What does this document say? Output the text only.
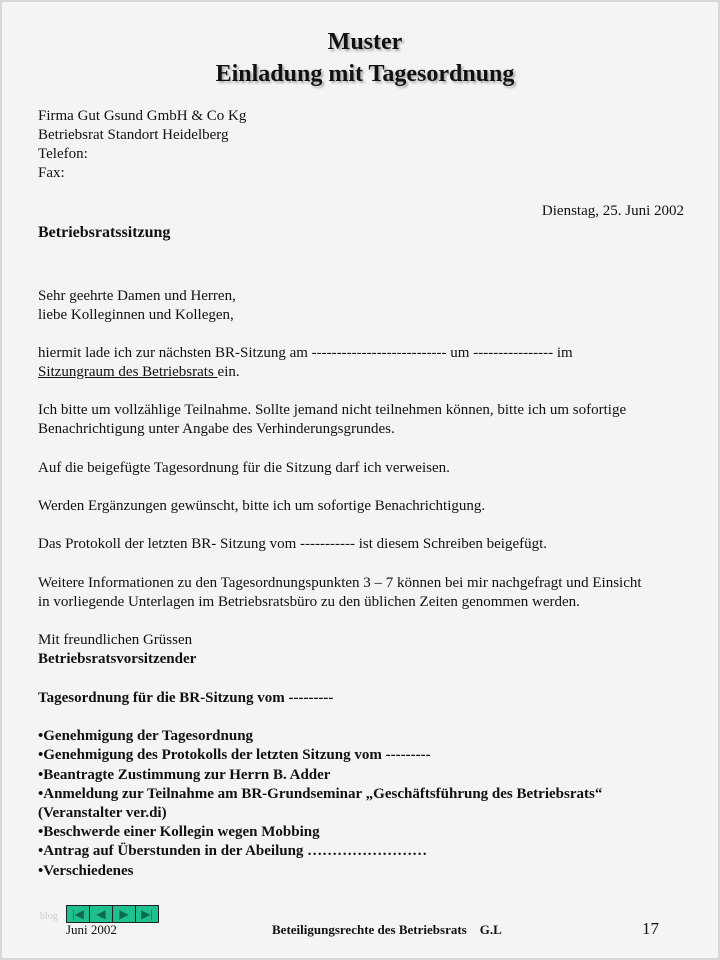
Muster
Einladung mit Tagesordnung
Firma Gut Gsund GmbH & Co Kg
Betriebsrat Standort Heidelberg
Telefon:
Fax:
Dienstag, 25. Juni 2002
Betriebsratssitzung
Sehr geehrte Damen und Herren,
liebe Kolleginnen und Kollegen,
hiermit lade ich zur nächsten BR-Sitzung am --------------------------- um ---------------- im
Sitzungraum des Betriebsrats ein.
Ich bitte um vollzählige Teilnahme. Sollte jemand nicht teilnehmen können, bitte ich um sofortige
Benachrichtigung unter Angabe des Verhinderungsgrundes.
Auf die beigefügte Tagesordnung für die Sitzung darf ich verweisen.
Werden Ergänzungen gewünscht, bitte ich um sofortige Benachrichtigung.
Das Protokoll der letzten BR- Sitzung vom ----------- ist diesem Schreiben beigefügt.
Weitere Informationen zu den Tagesordnungspunkten 3 – 7 können bei mir nachgefragt und Einsicht
in vorliegende Unterlagen im Betriebsratsbüro zu den üblichen Zeiten genommen werden.
Mit freundlichen Grüssen
Betriebsratsvorsitzender
Tagesordnung für die BR-Sitzung vom ---------
•Genehmigung der Tagesordnung
•Genehmigung des Protokolls der letzten Sitzung vom ---------
•Beantragte Zustimmung zur Herrn B. Adder
•Anmeldung zur Teilnahme am BR-Grundseminar „Geschäftsführung des Betriebsrats“
(Veranstalter ver.di)
•Beschwerde einer Kollegin wegen Mobbing
•Antrag auf Überstunden in der Abeilung ……………………
•Verschiedenes
blog	|◀	◀	▶	▶|
Juni 2002	Beteiligungsrechte des Betriebsrats    G.L	17
